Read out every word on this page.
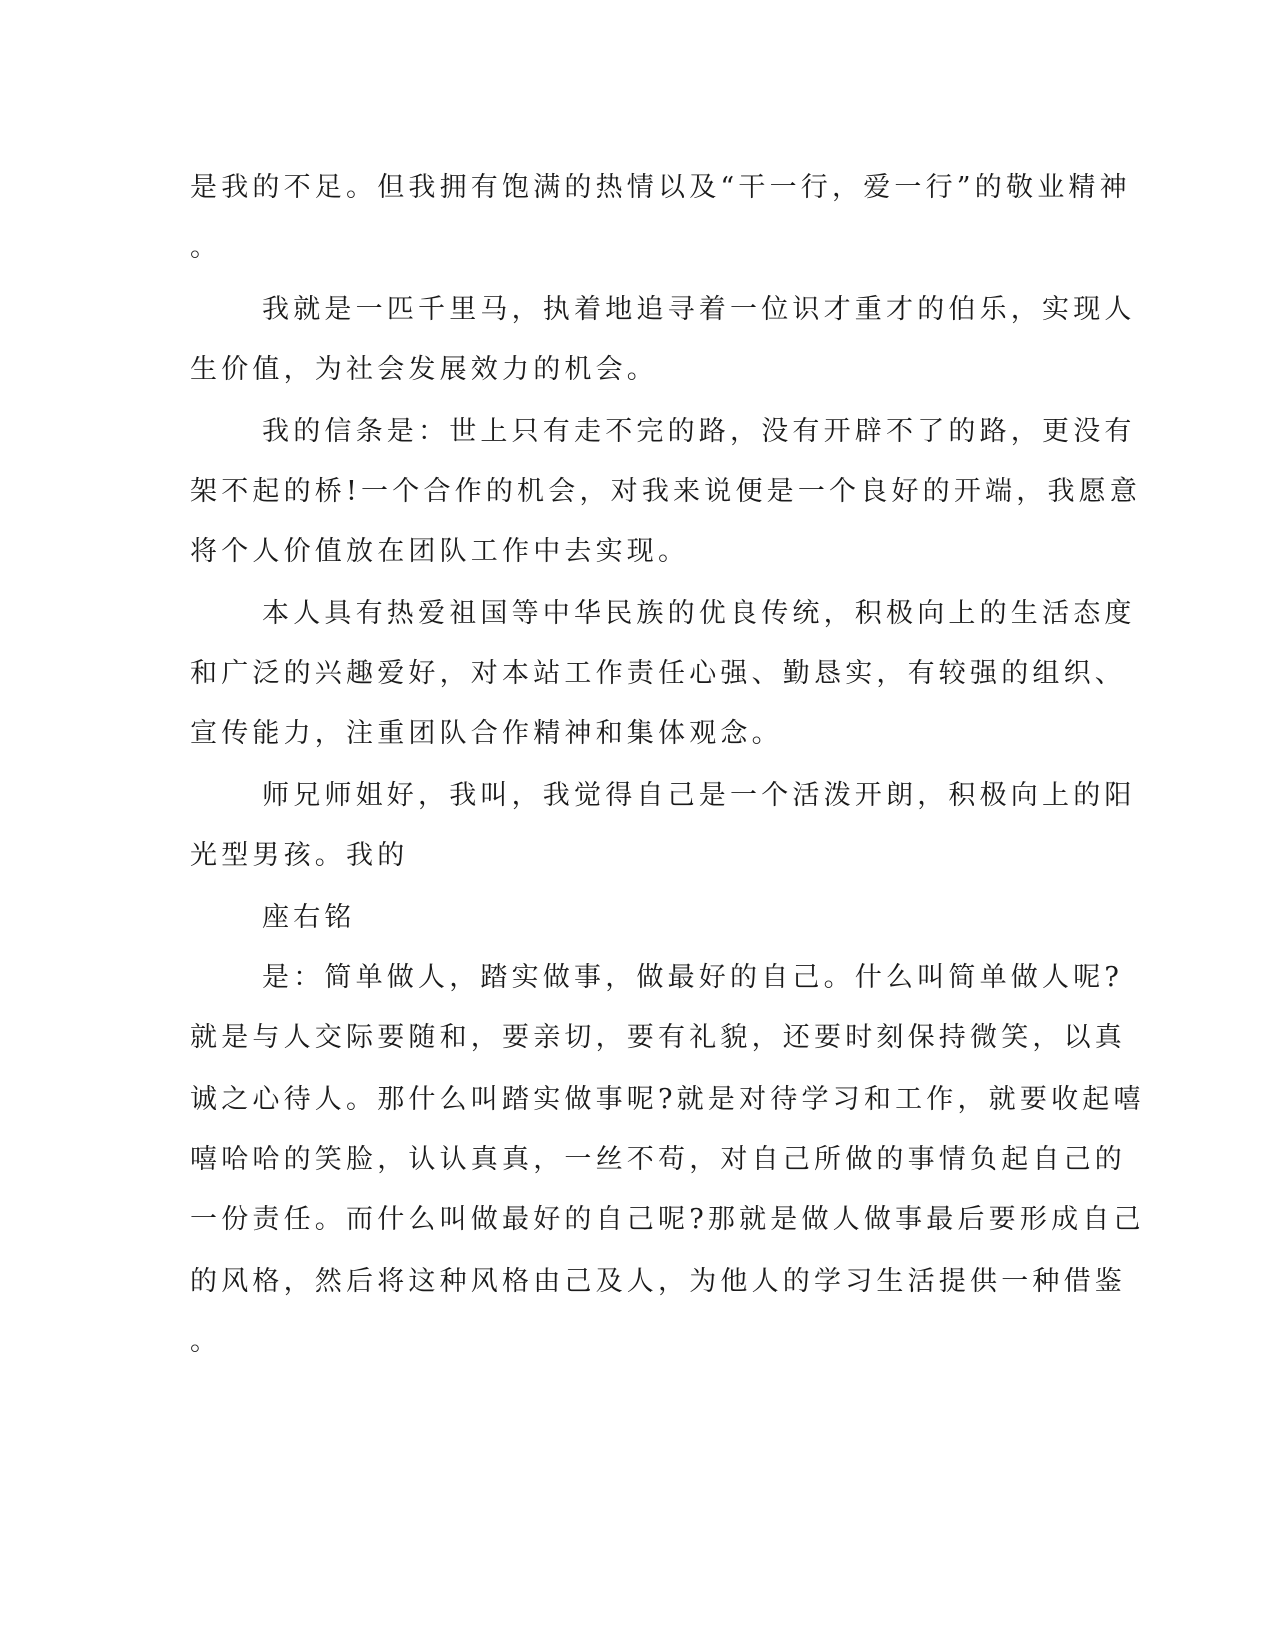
是我的不足。但我拥有饱满的热情以及“干一行，爱一行”的敬业精神
。
我就是一匹千里马，执着地追寻着一位识才重才的伯乐，实现人
生价值，为社会发展效力的机会。
我的信条是：世上只有走不完的路，没有开辟不了的路，更没有
架不起的桥!一个合作的机会，对我来说便是一个良好的开端，我愿意
将个人价值放在团队工作中去实现。
本人具有热爱祖国等中华民族的优良传统，积极向上的生活态度
和广泛的兴趣爱好，对本站工作责任心强、勤恳实，有较强的组织、
宣传能力，注重团队合作精神和集体观念。
师兄师姐好，我叫，我觉得自己是一个活泼开朗，积极向上的阳
光型男孩。我的
座右铭
是：简单做人，踏实做事，做最好的自己。什么叫简单做人呢?
就是与人交际要随和，要亲切，要有礼貌，还要时刻保持微笑，以真
诚之心待人。那什么叫踏实做事呢?就是对待学习和工作，就要收起嘻
嘻哈哈的笑脸，认认真真，一丝不苟，对自己所做的事情负起自己的
一份责任。而什么叫做最好的自己呢?那就是做人做事最后要形成自己
的风格，然后将这种风格由己及人，为他人的学习生活提供一种借鉴
。
